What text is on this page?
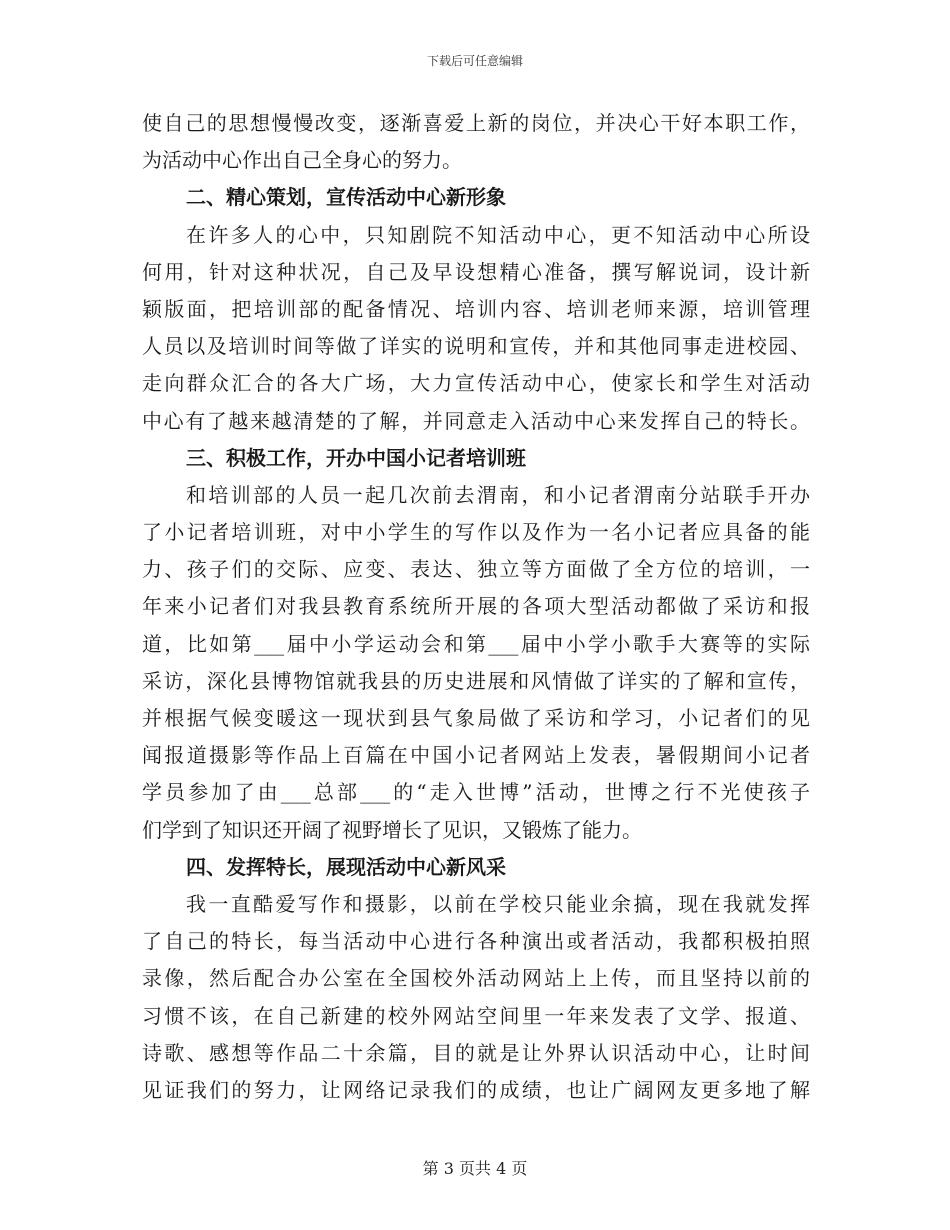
下载后可任意编辑
使自己的思想慢慢改变，逐渐喜爱上新的岗位，并决心干好本职工作，
为活动中心作出自己全身心的努力。
二、精心策划，宣传活动中心新形象
在许多人的心中，只知剧院不知活动中心，更不知活动中心所设
何用，针对这种状况，自己及早设想精心准备，撰写解说词，设计新
颖版面，把培训部的配备情况、培训内容、培训老师来源，培训管理
人员以及培训时间等做了详实的说明和宣传，并和其他同事走进校园、
走向群众汇合的各大广场，大力宣传活动中心，使家长和学生对活动
中心有了越来越清楚的了解，并同意走入活动中心来发挥自己的特长。
三、积极工作，开办中国小记者培训班
和培训部的人员一起几次前去渭南，和小记者渭南分站联手开办
了小记者培训班，对中小学生的写作以及作为一名小记者应具备的能
力、孩子们的交际、应变、表达、独立等方面做了全方位的培训，一
年来小记者们对我县教育系统所开展的各项大型活动都做了采访和报
道，比如第___届中小学运动会和第___届中小学小歌手大赛等的实际
采访，深化县博物馆就我县的历史进展和风情做了详实的了解和宣传，
并根据气候变暖这一现状到县气象局做了采访和学习，小记者们的见
闻报道摄影等作品上百篇在中国小记者网站上发表，暑假期间小记者
学员参加了由___总部___的“走入世博”活动，世博之行不光使孩子
们学到了知识还开阔了视野增长了见识，又锻炼了能力。
四、发挥特长，展现活动中心新风采
我一直酷爱写作和摄影，以前在学校只能业余搞，现在我就发挥
了自己的特长，每当活动中心进行各种演出或者活动，我都积极拍照
录像，然后配合办公室在全国校外活动网站上上传，而且坚持以前的
习惯不该，在自己新建的校外网站空间里一年来发表了文学、报道、
诗歌、感想等作品二十余篇，目的就是让外界认识活动中心，让时间
见证我们的努力，让网络记录我们的成绩，也让广阔网友更多地了解
第 3 页共 4 页
